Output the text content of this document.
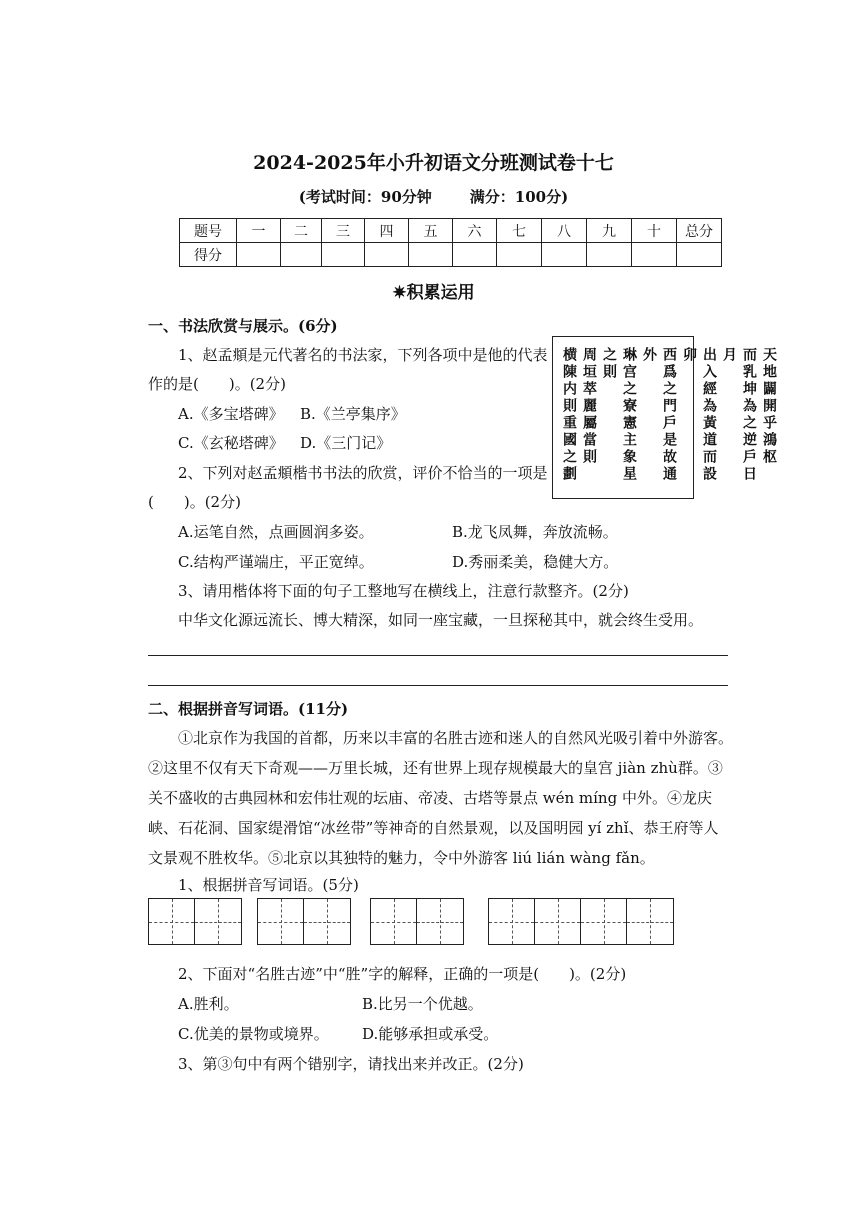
2024-2025年小升初语文分班测试卷十七
(考试时间：90分钟	满分：100分)
题号	一	二	三	四	五	六	七	八	九	十	总分
得分											
✷积累运用
一、书法欣赏与展示。(6分)
1、赵孟頫是元代著名的书法家，下列各项中是他的代表
作的是(　　)。(2分)
A.《多宝塔碑》 B.《兰亭集序》
C.《玄秘塔碑》 D.《三门记》
2、下列对赵孟頫楷书书法的欣赏，评价不恰当的一项是
(　　)。(2分)
A.运笔自然，点画圆润多姿。	B.龙飞凤舞，奔放流畅。
C.结构严谨端庄，平正宽绰。	D.秀丽柔美，稳健大方。
3、请用楷体将下面的句子工整地写在横线上，注意行款整齐。(2分)
中华文化源远流长、博大精深，如同一座宝藏，一旦探秘其中，就会终生受用。
天地闢開乎鴻枢
而乳坤為之逆戶日月
出入經為黃道而設卯
西爲之門戶是故通外
琳宫之寮憲主象星之則
周垣萃麗屬當則
横陳内則重國之劃
二、根据拼音写词语。(11分)
①北京作为我国的首都，历来以丰富的名胜古迹和迷人的自然风光吸引着中外游客。②这里不仅有天下奇观——万里长城，还有世界上现存规模最大的皇宫 jiàn zhù群。③关不盛收的古典园林和宏伟壮观的坛庙、帝凌、古塔等景点 wén míng 中外。④龙庆峡、石花洞、国家缇滑馆“冰丝带”等神奇的自然景观，以及国明园 yí zhǐ、恭王府等人文景观不胜枚华。⑤北京以其独特的魅力，令中外游客 liú lián wàng fǎn。
1、根据拼音写词语。(5分)
2、下面对“名胜古迹”中“胜”字的解释，正确的一项是(　　)。(2分)
A.胜利。	B.比另一个优越。
C.优美的景物或境界。 D.能够承担或承受。
3、第③句中有两个错别字，请找出来并改正。(2分)
